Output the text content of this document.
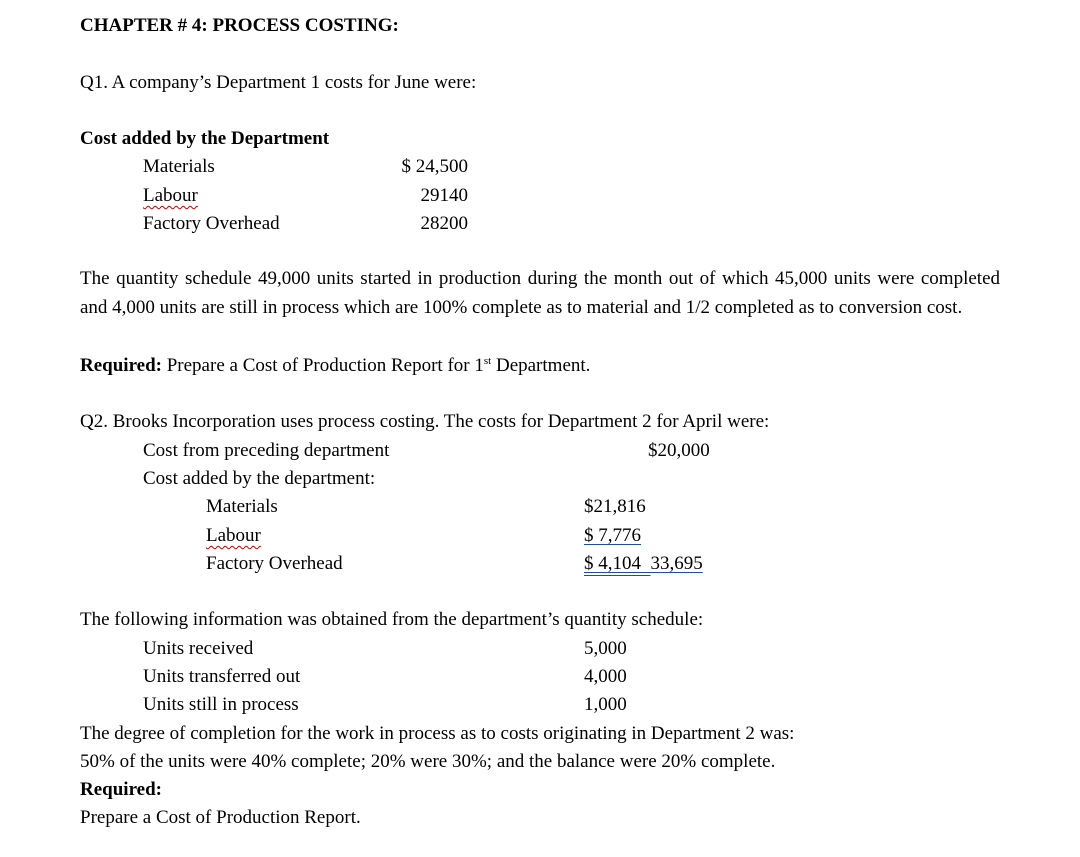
CHAPTER # 4: PROCESS COSTING:
Q1. A company’s Department 1 costs for June were:
Cost added by the Department
Materials	$ 24,500
Labour	29140
Factory Overhead	28200
The quantity schedule 49,000 units started in production during the month out of which 45,000 units were completed and 4,000 units are still in process which are 100% complete as to material and 1/2 completed as to conversion cost.
Required: Prepare a Cost of Production Report for 1st Department.
Q2. Brooks Incorporation uses process costing. The costs for Department 2 for April were:
Cost from preceding department	$20,000
Cost added by the department:
Materials	$21,816
Labour	$ 7,776
Factory Overhead	$ 4,104 33,695
The following information was obtained from the department’s quantity schedule:
Units received	5,000
Units transferred out	4,000
Units still in process	1,000
The degree of completion for the work in process as to costs originating in Department 2 was:
50% of the units were 40% complete; 20% were 30%; and the balance were 20% complete.
Required:
Prepare a Cost of Production Report.
